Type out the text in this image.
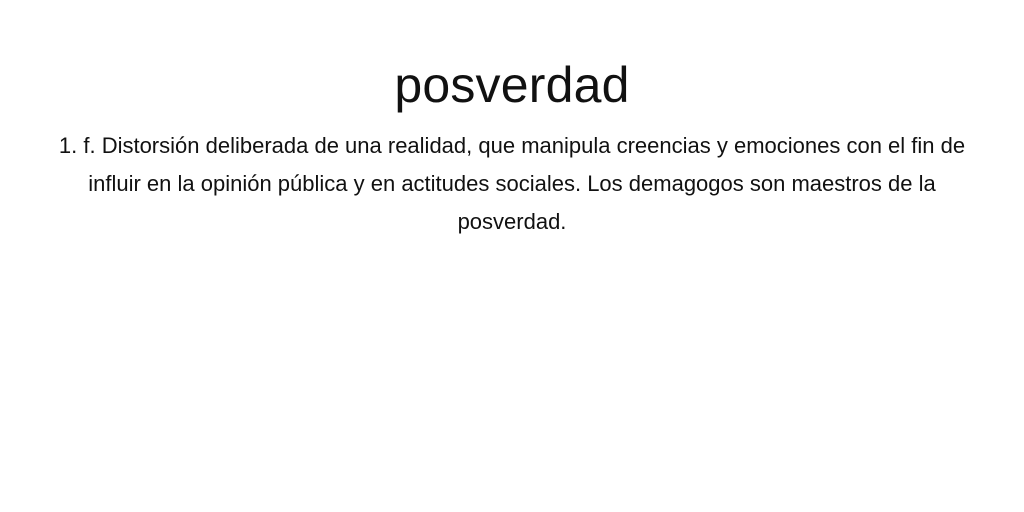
posverdad

1. f. Distorsión deliberada de una realidad, que manipula creencias y emociones con el fin de influir en la opinión pública y en actitudes sociales. Los demagogos son maestros de la posverdad.
